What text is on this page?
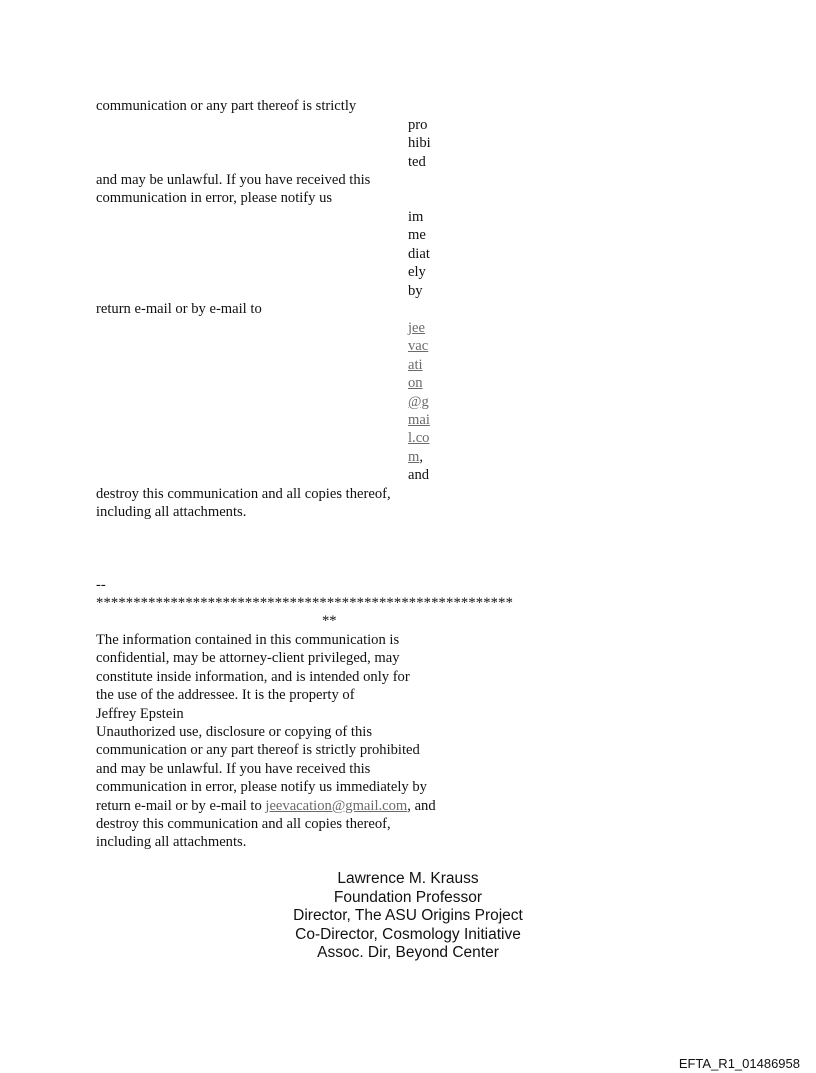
communication or any part thereof is strictly
pro
hibi
ted
and may be unlawful. If you have received this
communication in error, please notify us
im
me
diat
ely
by
return e-mail or by e-mail to
jee
vac
ati
on
@g
mai
l.co
m,
and
destroy this communication and all copies thereof,
including all attachments.
--
********************************************************
**
The information contained in this communication is
confidential, may be attorney-client privileged, may
constitute inside information, and is intended only for
the use of the addressee. It is the property of
Jeffrey Epstein
Unauthorized use, disclosure or copying of this
communication or any part thereof is strictly prohibited
and may be unlawful. If you have received this
communication in error, please notify us immediately by
return e-mail or by e-mail to jeevacation@gmail.com, and
destroy this communication and all copies thereof,
including all attachments.
Lawrence M. Krauss
Foundation Professor
Director, The ASU Origins Project
Co-Director, Cosmology Initiative
Assoc. Dir, Beyond Center
EFTA_R1_01486958
